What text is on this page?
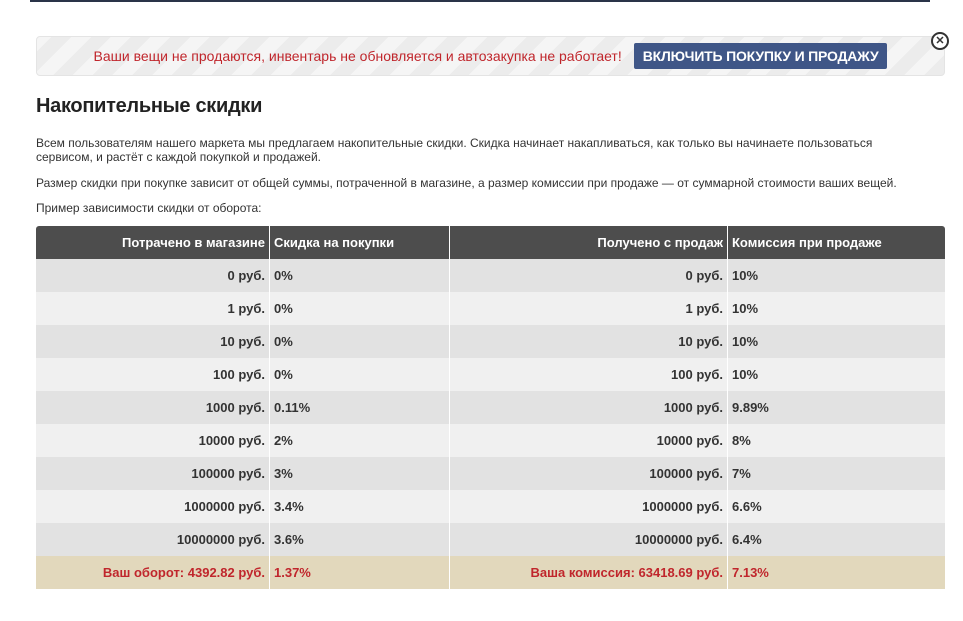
Ваши вещи не продаются, инвентарь не обновляется и автозакупка не работает!	ВКЛЮЧИТЬ ПОКУПКУ И ПРОДАЖУ
✕
Накопительные скидки

Всем пользователям нашего маркета мы предлагаем накопительные скидки. Скидка начинает накапливаться, как только вы начинаете пользоваться сервисом, и растёт с каждой покупкой и продажей.

Размер скидки при покупке зависит от общей суммы, потраченной в магазине, а размер комиссии при продаже — от суммарной стоимости ваших вещей.

Пример зависимости скидки от оборота:

Потрачено в магазине Скидка на покупки
0 руб. 0%
1 руб. 0%
10 руб. 0%
100 руб. 0%
1000 руб. 0.11%
10000 руб. 2%
100000 руб. 3%
1000000 руб. 3.4%
10000000 руб. 3.6%
Ваш оборот: 4392.82 руб. 1.37%
Получено с продаж Комиссия при продаже
0 руб. 10%
1 руб. 10%
10 руб. 10%
100 руб. 10%
1000 руб. 9.89%
10000 руб. 8%
100000 руб. 7%
1000000 руб. 6.6%
10000000 руб. 6.4%
Ваша комиссия: 63418.69 руб. 7.13%
